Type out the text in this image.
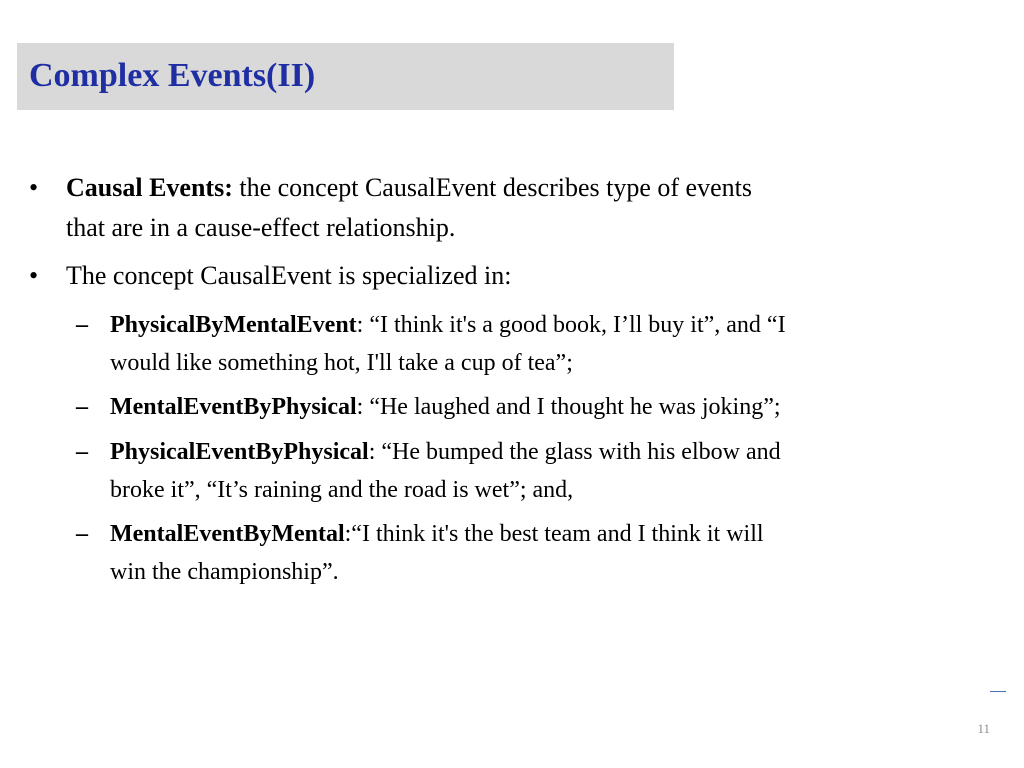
Complex Events(II)

• Causal Events: the concept CausalEvent describes type of events
that are in a cause-effect relationship.

• The concept CausalEvent is specialized in:

– PhysicalByMentalEvent: “I think it's a good book, I’ll buy it”, and “I
would like something hot, I'll take a cup of tea”;

– MentalEventByPhysical: “He laughed and I thought he was joking”;

– PhysicalEventByPhysical: “He bumped the glass with his elbow and
broke it”, “It’s raining and the road is wet”; and,

– MentalEventByMental:“I think it's the best team and I think it will
win the championship”.

11
